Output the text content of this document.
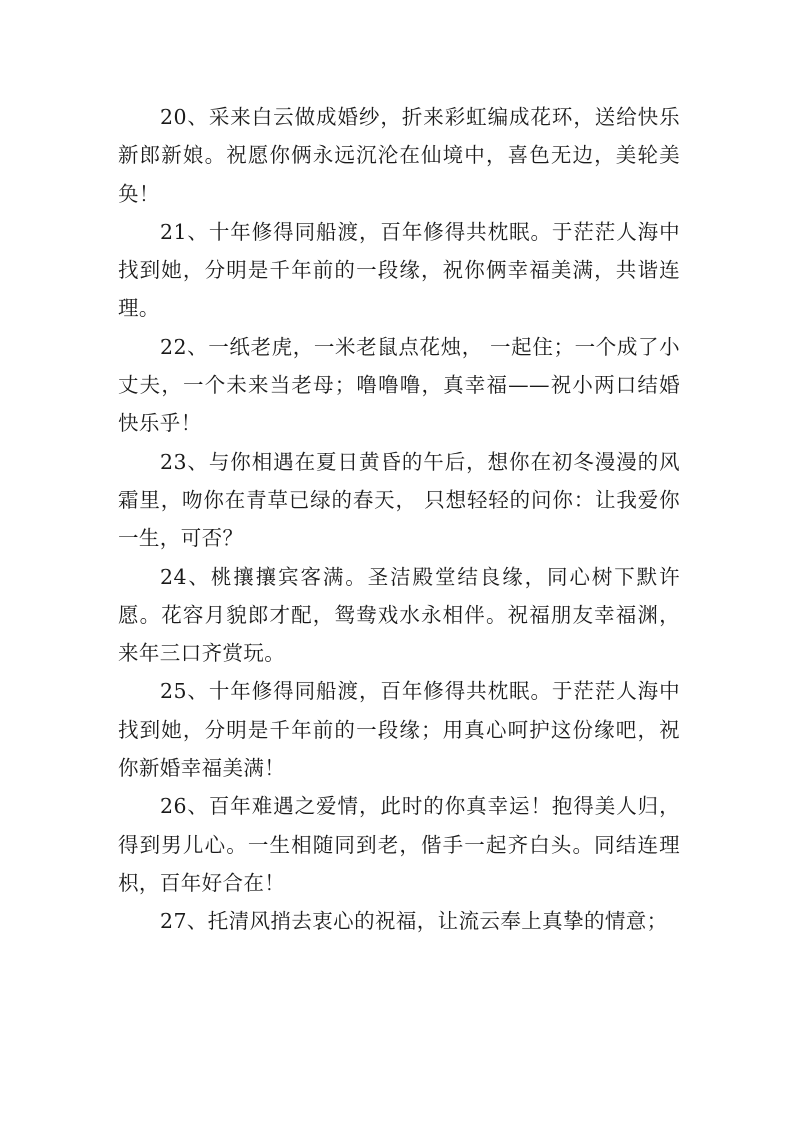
20、采来白云做成婚纱，折来彩虹编成花环，送给快乐新郎新娘。祝愿你俩永远沉沦在仙境中，喜色无边，美轮美奂！

21、十年修得同船渡，百年修得共枕眠。于茫茫人海中找到她，分明是千年前的一段缘，祝你俩幸福美满，共谐连理。

22、一纸老虎，一米老鼠点花烛， 一起住；一个成了小丈夫，一个未来当老母；噜噜噜，真幸福——祝小两口结婚快乐乎！

23、与你相遇在夏日黄昏的午后，想你在初冬漫漫的风霜里，吻你在青草已绿的春天， 只想轻轻的问你：让我爱你一生，可否？

24、桃攘攘宾客满。圣洁殿堂结良缘，同心树下默许愿。花容月貌郎才配，鸳鸯戏水永相伴。祝福朋友幸福渊，来年三口齐赏玩。

25、十年修得同船渡，百年修得共枕眠。于茫茫人海中找到她，分明是千年前的一段缘；用真心呵护这份缘吧，祝你新婚幸福美满！

26、百年难遇之爱情，此时的你真幸运！抱得美人归，得到男儿心。一生相随同到老，偕手一起齐白头。同结连理枳，百年好合在！

27、托清风捎去衷心的祝福，让流云奉上真挚的情意；
